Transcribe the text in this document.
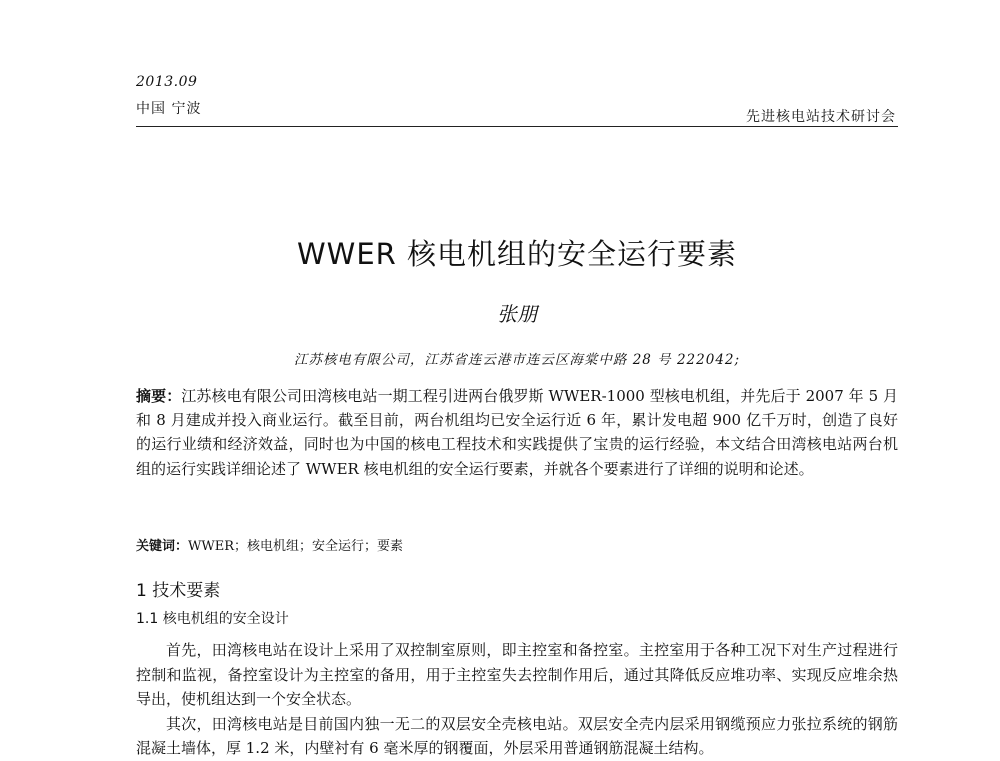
2013.09
中国 宁波	先进核电站技术研讨会
WWER 核电机组的安全运行要素
张朋
江苏核电有限公司，江苏省连云港市连云区海棠中路 28 号 222042;
摘要：江苏核电有限公司田湾核电站一期工程引进两台俄罗斯 WWER-1000 型核电机组，并先后于 2007 年 5 月和 8 月建成并投入商业运行。截至目前，两台机组均已安全运行近 6 年，累计发电超 900 亿千万时，创造了良好的运行业绩和经济效益，同时也为中国的核电工程技术和实践提供了宝贵的运行经验，本文结合田湾核电站两台机组的运行实践详细论述了 WWER 核电机组的安全运行要素，并就各个要素进行了详细的说明和论述。
关键词：WWER；核电机组；安全运行；要素
1 技术要素
1.1 核电机组的安全设计

首先，田湾核电站在设计上采用了双控制室原则，即主控室和备控室。主控室用于各种工况下对生产过程进行控制和监视，备控室设计为主控室的备用，用于主控室失去控制作用后，通过其降低反应堆功率、实现反应堆余热导出，使机组达到一个安全状态。

其次，田湾核电站是目前国内独一无二的双层安全壳核电站。双层安全壳内层采用钢缆预应力张拉系统的钢筋混凝土墙体，厚 1.2 米，内壁衬有 6 毫米厚的钢覆面，外层采用普通钢筋混凝土结构。
